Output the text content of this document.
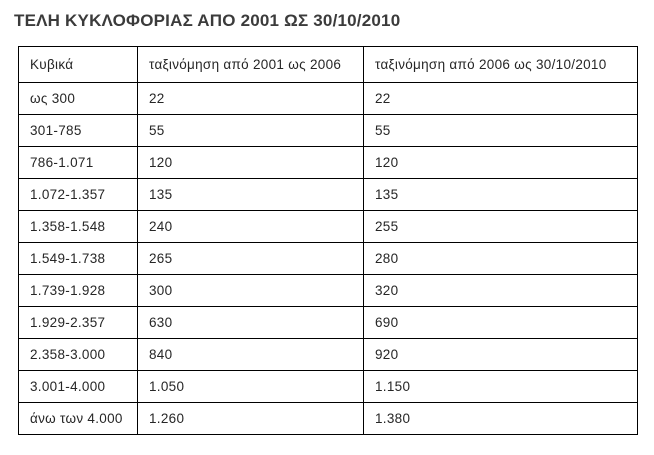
ΤΕΛΗ ΚΥΚΛΟΦΟΡΙΑΣ ΑΠΟ 2001 ΩΣ 30/10/2010
Κυβικά	ταξινόμηση από 2001 ως 2006	ταξινόμηση από 2006 ως 30/10/2010
ως 300	22	22
301-785	55	55
786-1.071	120	120
1.072-1.357	135	135
1.358-1.548	240	255
1.549-1.738	265	280
1.739-1.928	300	320
1.929-2.357	630	690
2.358-3.000	840	920
3.001-4.000	1.050	1.150
άνω των 4.000	1.260	1.380
